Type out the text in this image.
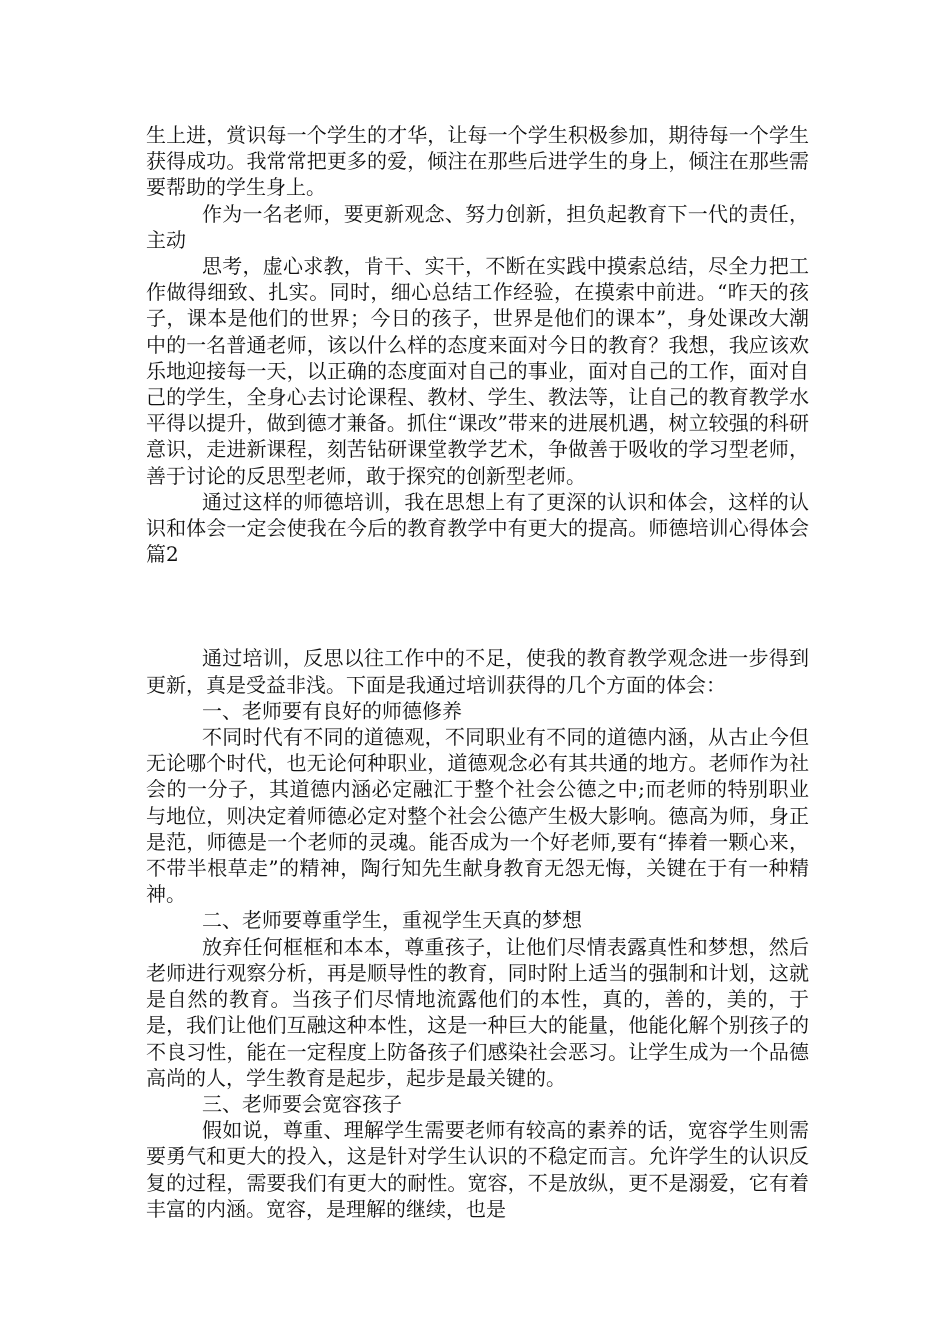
生上进，赏识每一个学生的才华，让每一个学生积极参加，期待每一个学生获得成功。我常常把更多的爱，倾注在那些后进学生的身上，倾注在那些需要帮助的学生身上。

作为一名老师，要更新观念、努力创新，担负起教育下一代的责任，主动

思考，虚心求教，肯干、实干，不断在实践中摸索总结，尽全力把工作做得细致、扎实。同时，细心总结工作经验，在摸索中前进。“昨天的孩子，课本是他们的世界；今日的孩子，世界是他们的课本”，身处课改大潮中的一名普通老师，该以什么样的态度来面对今日的教育？我想，我应该欢乐地迎接每一天，以正确的态度面对自己的事业，面对自己的工作，面对自己的学生，全身心去讨论课程、教材、学生、教法等，让自己的教育教学水平得以提升，做到德才兼备。抓住“课改”带来的进展机遇，树立较强的科研意识，走进新课程，刻苦钻研课堂教学艺术，争做善于吸收的学习型老师，善于讨论的反思型老师，敢于探究的创新型老师。

通过这样的师德培训，我在思想上有了更深的认识和体会，这样的认识和体会一定会使我在今后的教育教学中有更大的提高。师德培训心得体会 篇2

通过培训，反思以往工作中的不足，使我的教育教学观念进一步得到更新，真是受益非浅。下面是我通过培训获得的几个方面的体会：

一、老师要有良好的师德修养

不同时代有不同的道德观，不同职业有不同的道德内涵，从古止今但无论哪个时代，也无论何种职业，道德观念必有其共通的地方。老师作为社会的一分子，其道德内涵必定融汇于整个社会公德之中;而老师的特别职业与地位，则决定着师德必定对整个社会公德产生极大影响。德高为师，身正是范，师德是一个老师的灵魂。能否成为一个好老师,要有“捧着一颗心来，不带半根草走”的精神，陶行知先生献身教育无怨无悔，关键在于有一种精神。

二、老师要尊重学生，重视学生天真的梦想

放弃任何框框和本本，尊重孩子，让他们尽情表露真性和梦想，然后老师进行观察分析，再是顺导性的教育，同时附上适当的强制和计划，这就是自然的教育。当孩子们尽情地流露他们的本性，真的，善的，美的，于是，我们让他们互融这种本性，这是一种巨大的能量，他能化解个别孩子的不良习性，能在一定程度上防备孩子们感染社会恶习。让学生成为一个品德高尚的人，学生教育是起步，起步是最关键的。

三、老师要会宽容孩子

假如说，尊重、理解学生需要老师有较高的素养的话，宽容学生则需要勇气和更大的投入，这是针对学生认识的不稳定而言。允许学生的认识反复的过程，需要我们有更大的耐性。宽容，不是放纵，更不是溺爱，它有着丰富的内涵。宽容，是理解的继续，也是
